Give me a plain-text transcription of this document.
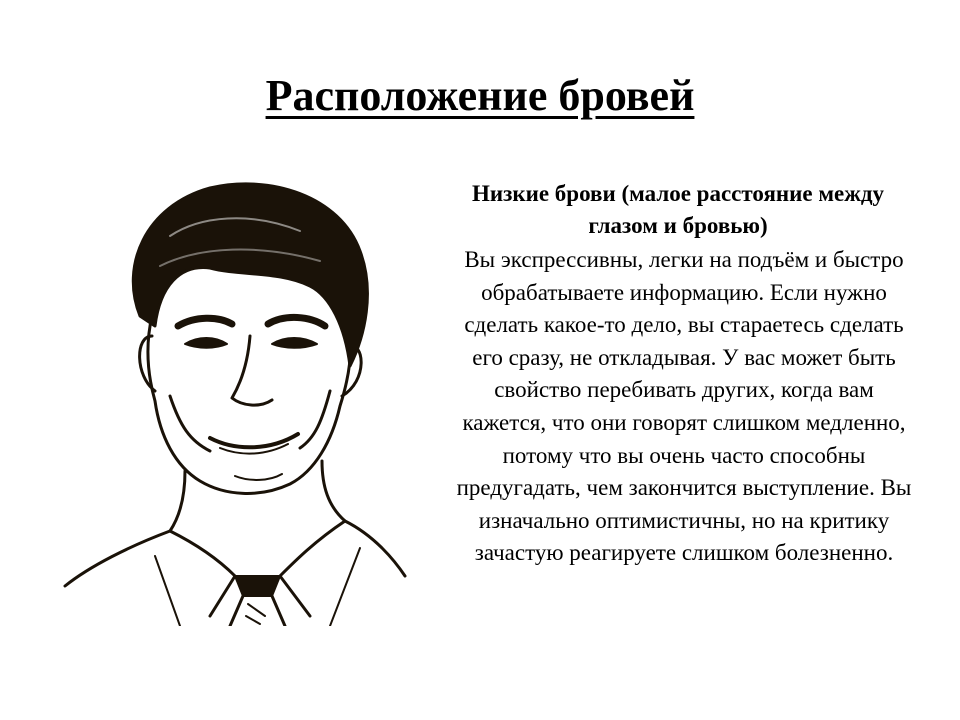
Расположение бровей
Низкие брови (малое расстояние между глазом и бровью)
Вы экспрессивны, легки на подъём и быстро обрабатываете информацию. Если нужно сделать какое-то дело, вы стараетесь сделать его сразу, не откладывая. У вас может быть свойство перебивать других, когда вам кажется, что они говорят слишком медленно, потому что вы очень часто способны предугадать, чем закончится выступление. Вы изначально оптимистичны, но на критику зачастую реагируете слишком болезненно.
